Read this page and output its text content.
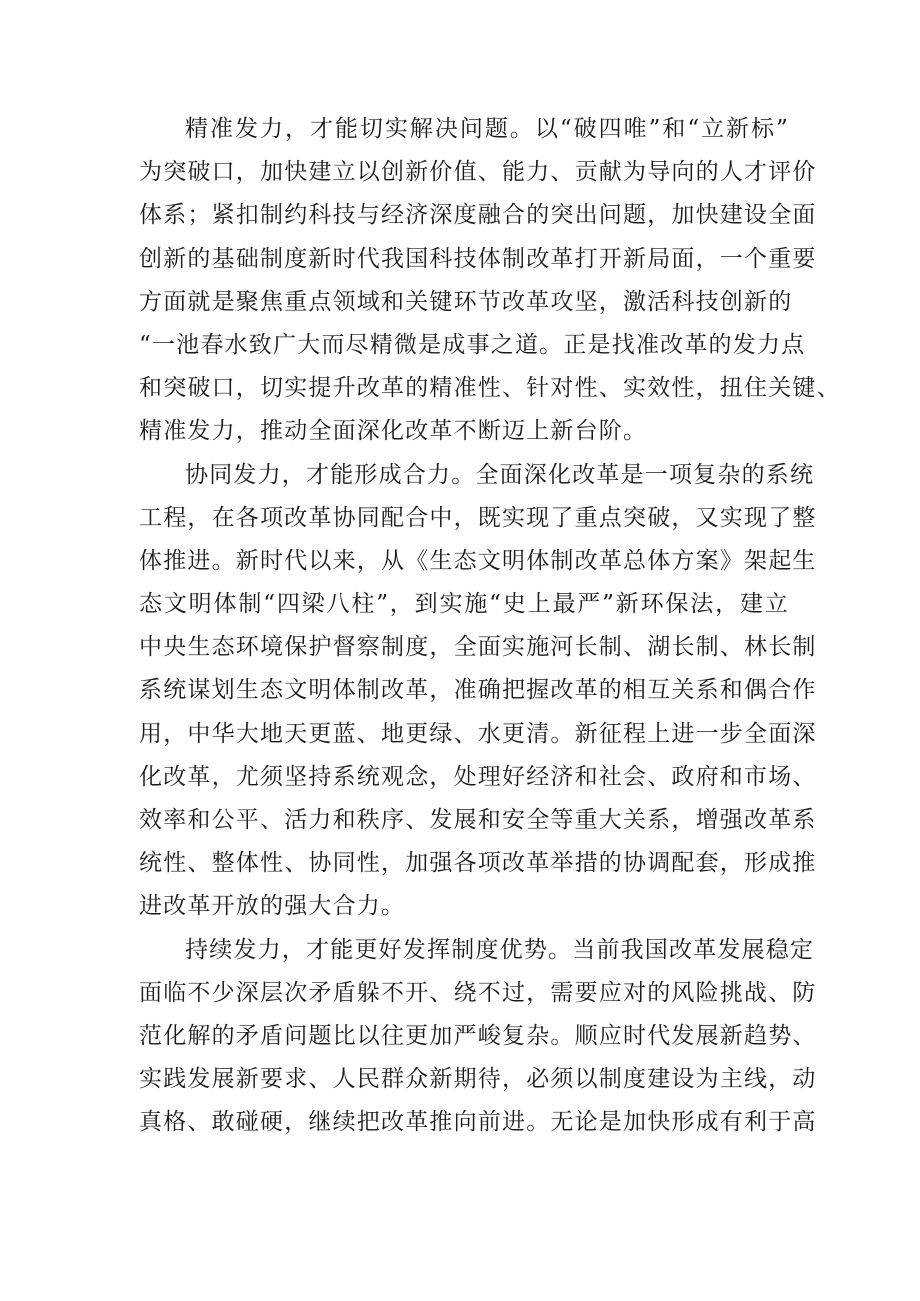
精准发力，才能切实解决问题。以“破四唯”和“立新标”
为突破口，加快建立以创新价值、能力、贡献为导向的人才评价
体系；紧扣制约科技与经济深度融合的突出问题，加快建设全面
创新的基础制度新时代我国科技体制改革打开新局面，一个重要
方面就是聚焦重点领域和关键环节改革攻坚，激活科技创新的
“一池春水致广大而尽精微是成事之道。正是找准改革的发力点
和突破口，切实提升改革的精准性、针对性、实效性，扭住关键、
精准发力，推动全面深化改革不断迈上新台阶。
协同发力，才能形成合力。全面深化改革是一项复杂的系统
工程，在各项改革协同配合中，既实现了重点突破，又实现了整
体推进。新时代以来，从《生态文明体制改革总体方案》架起生
态文明体制“四梁八柱”，到实施“史上最严”新环保法，建立
中央生态环境保护督察制度，全面实施河长制、湖长制、林长制
系统谋划生态文明体制改革，准确把握改革的相互关系和偶合作
用，中华大地天更蓝、地更绿、水更清。新征程上进一步全面深
化改革，尤须坚持系统观念，处理好经济和社会、政府和市场、
效率和公平、活力和秩序、发展和安全等重大关系，增强改革系
统性、整体性、协同性，加强各项改革举措的协调配套，形成推
进改革开放的强大合力。
持续发力，才能更好发挥制度优势。当前我国改革发展稳定
面临不少深层次矛盾躲不开、绕不过，需要应对的风险挑战、防
范化解的矛盾问题比以往更加严峻复杂。顺应时代发展新趋势、
实践发展新要求、人民群众新期待，必须以制度建设为主线，动
真格、敢碰硬，继续把改革推向前进。无论是加快形成有利于高
